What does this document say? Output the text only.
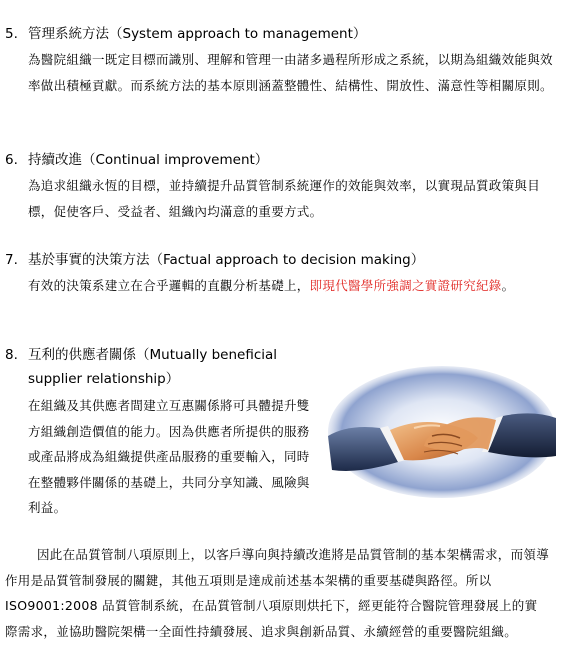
5. 管理系統方法（System approach to management）
為醫院組織一既定目標而識別、理解和管理一由諸多過程所形成之系統，以期為組織效能與效率做出積極貢獻。而系統方法的基本原則涵蓋整體性、結構性、開放性、滿意性等相關原則。
6. 持續改進（Continual improvement）
為追求組織永恆的目標，並持續提升品質管制系統運作的效能與效率，以實現品質政策與目標，促使客戶、受益者、組織內均滿意的重要方式。
7. 基於事實的決策方法（Factual approach to decision making）
有效的決策系建立在合乎邏輯的直觀分析基礎上，即現代醫學所強調之實證研究紀錄。
8. 互利的供應者關係（Mutually beneficial
supplier relationship）
在組織及其供應者間建立互惠關係將可具體提升雙方組織創造價值的能力。因為供應者所提供的服務或產品將成為組織提供產品服務的重要輸入，同時在整體夥伴關係的基礎上，共同分享知識、風險與利益。
因此在品質管制八項原則上，以客戶導向與持續改進將是品質管制的基本架構需求，而領導作用是品質管制發展的關鍵，其他五項則是達成前述基本架構的重要基礎與路徑。所以 ISO9001:2008 品質管制系統，在品質管制八項原則烘托下，經更能符合醫院管理發展上的實際需求，並協助醫院架構一全面性持續發展、追求與創新品質、永續經營的重要醫院組織。
